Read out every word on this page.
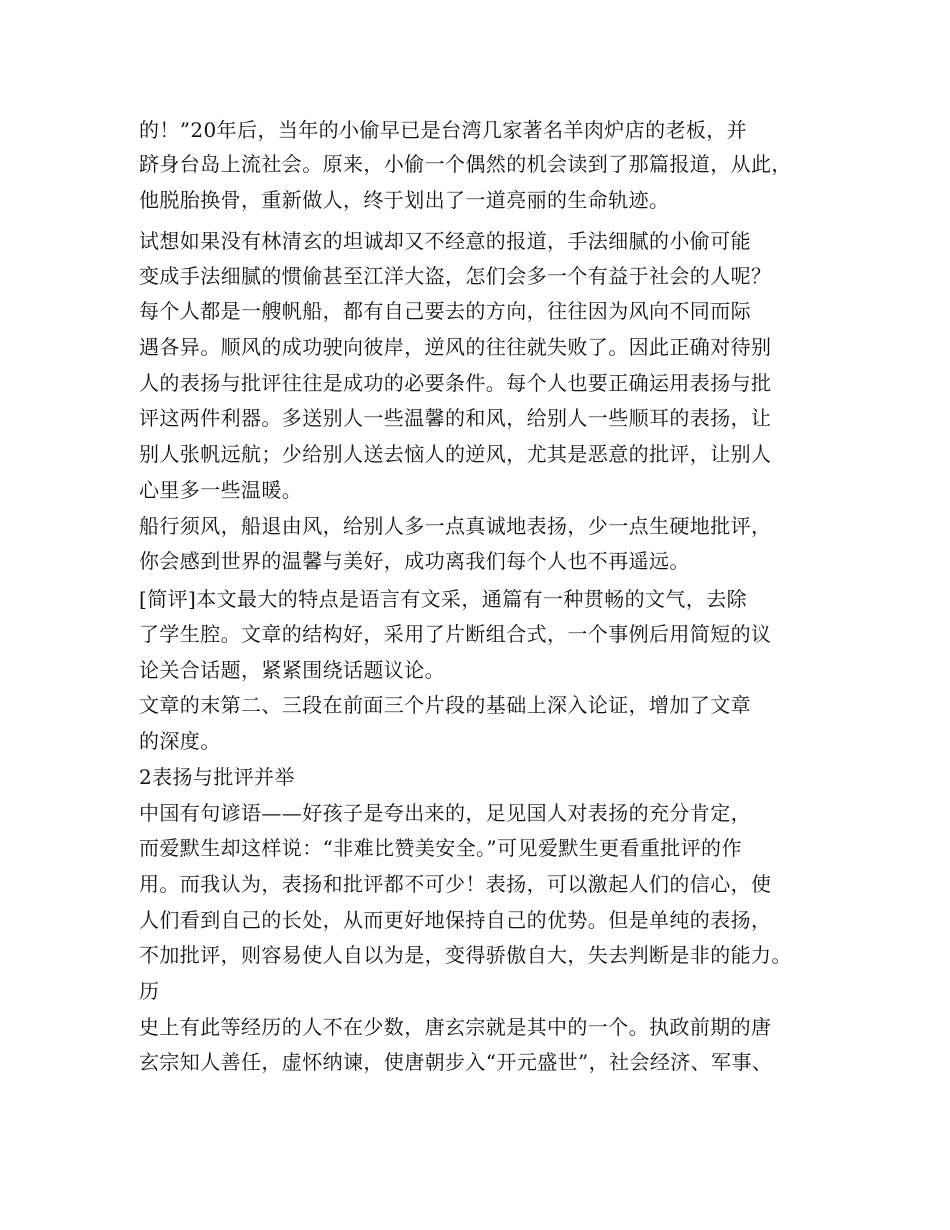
的！”20年后，当年的小偷早已是台湾几家著名羊肉炉店的老板，并
跻身台岛上流社会。原来，小偷一个偶然的机会读到了那篇报道，从此，
他脱胎换骨，重新做人，终于划出了一道亮丽的生命轨迹。
试想如果没有林清玄的坦诚却又不经意的报道，手法细腻的小偷可能
变成手法细腻的惯偷甚至江洋大盗，怎们会多一个有益于社会的人呢？
每个人都是一艘帆船，都有自己要去的方向，往往因为风向不同而际
遇各异。顺风的成功驶向彼岸，逆风的往往就失败了。因此正确对待别
人的表扬与批评往往是成功的必要条件。每个人也要正确运用表扬与批
评这两件利器。多送别人一些温馨的和风，给别人一些顺耳的表扬，让
别人张帆远航；少给别人送去恼人的逆风，尤其是恶意的批评，让别人
心里多一些温暖。
船行须风，船退由风，给别人多一点真诚地表扬，少一点生硬地批评，
你会感到世界的温馨与美好，成功离我们每个人也不再遥远。
[简评]本文最大的特点是语言有文采，通篇有一种贯畅的文气，去除
了学生腔。文章的结构好，采用了片断组合式，一个事例后用简短的议
论关合话题，紧紧围绕话题议论。
文章的末第二、三段在前面三个片段的基础上深入论证，增加了文章
的深度。
2表扬与批评并举
中国有句谚语——好孩子是夸出来的，足见国人对表扬的充分肯定，
而爱默生却这样说：“非难比赞美安全。”可见爱默生更看重批评的作
用。而我认为，表扬和批评都不可少！表扬，可以激起人们的信心，使
人们看到自己的长处，从而更好地保持自己的优势。但是单纯的表扬，
不加批评，则容易使人自以为是，变得骄傲自大，失去判断是非的能力。
历
史上有此等经历的人不在少数，唐玄宗就是其中的一个。执政前期的唐
玄宗知人善任，虚怀纳谏，使唐朝步入“开元盛世”，社会经济、军事、
